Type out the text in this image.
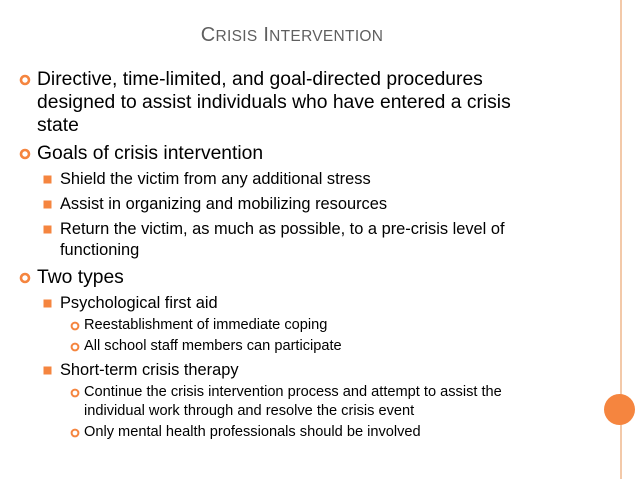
CRISIS INTERVENTION
Directive, time-limited, and goal-directed procedures
designed to assist individuals who have entered a crisis
state
Goals of crisis intervention
Shield the victim from any additional stress
Assist in organizing and mobilizing resources
Return the victim, as much as possible, to a pre-crisis level of
functioning
Two types
Psychological first aid
Reestablishment of immediate coping
All school staff members can participate
Short-term crisis therapy
Continue the crisis intervention process and attempt to assist the
individual work through and resolve the crisis event
Only mental health professionals should be involved
